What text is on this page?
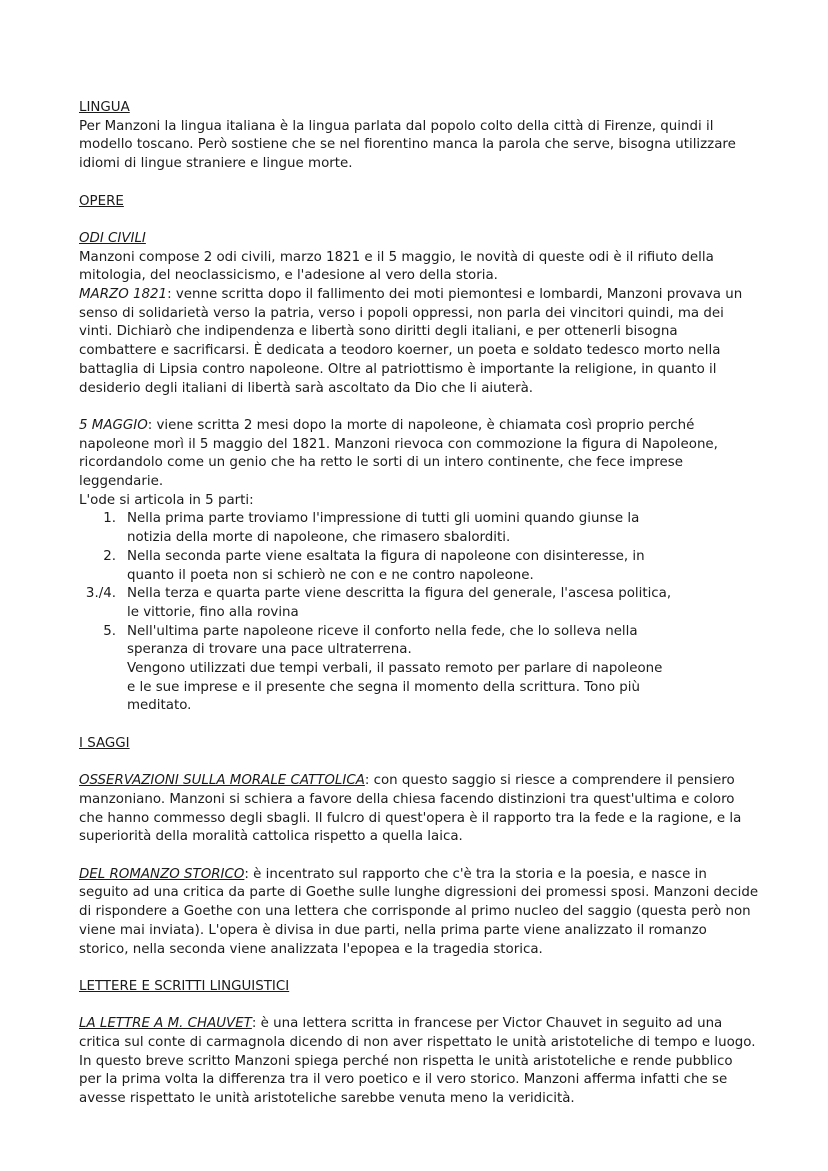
LINGUA

Per Manzoni la lingua italiana è la lingua parlata dal popolo colto della città di Firenze, quindi il modello toscano. Però sostiene che se nel fiorentino manca la parola che serve, bisogna utilizzare idiomi di lingue straniere e lingue morte.

OPERE

ODI CIVILI

Manzoni compose 2 odi civili, marzo 1821 e il 5 maggio, le novità di queste odi è il rifiuto della mitologia, del neoclassicismo, e l'adesione al vero della storia.

MARZO 1821: venne scritta dopo il fallimento dei moti piemontesi e lombardi, Manzoni provava un senso di solidarietà verso la patria, verso i popoli oppressi, non parla dei vincitori quindi, ma dei vinti. Dichiarò che indipendenza e libertà sono diritti degli italiani, e per ottenerli bisogna combattere e sacrificarsi. È dedicata a teodoro koerner, un poeta e soldato tedesco morto nella battaglia di Lipsia contro napoleone. Oltre al patriottismo è importante la religione, in quanto il desiderio degli italiani di libertà sarà ascoltato da Dio che li aiuterà.

5 MAGGIO: viene scritta 2 mesi dopo la morte di napoleone, è chiamata così proprio perché napoleone morì il 5 maggio del 1821. Manzoni rievoca con commozione la figura di Napoleone, ricordandolo come un genio che ha retto le sorti di un intero continente, che fece imprese leggendarie.

L'ode si articola in 5 parti:

1. Nella prima parte troviamo l'impressione di tutti gli uomini quando giunse la notizia della morte di napoleone, che rimasero sbalorditi.
2. Nella seconda parte viene esaltata la figura di napoleone con disinteresse, in quanto il poeta non si schierò ne con e ne contro napoleone.
3./4. Nella terza e quarta parte viene descritta la figura del generale, l'ascesa politica, le vittorie, fino alla rovina
5. Nell'ultima parte napoleone riceve il conforto nella fede, che lo solleva nella speranza di trovare una pace ultraterrena.

Vengono utilizzati due tempi verbali, il passato remoto per parlare di napoleone e le sue imprese e il presente che segna il momento della scrittura. Tono più meditato.

I SAGGI

OSSERVAZIONI SULLA MORALE CATTOLICA: con questo saggio si riesce a comprendere il pensiero manzoniano. Manzoni si schiera a favore della chiesa facendo distinzioni tra quest'ultima e coloro che hanno commesso degli sbagli. Il fulcro di quest'opera è il rapporto tra la fede e la ragione, e la superiorità della moralità cattolica rispetto a quella laica.

DEL ROMANZO STORICO: è incentrato sul rapporto che c'è tra la storia e la poesia, e nasce in seguito ad una critica da parte di Goethe sulle lunghe digressioni dei promessi sposi. Manzoni decide di rispondere a Goethe con una lettera che corrisponde al primo nucleo del saggio (questa però non viene mai inviata). L'opera è divisa in due parti, nella prima parte viene analizzato il romanzo storico, nella seconda viene analizzata l'epopea e la tragedia storica.

LETTERE E SCRITTI LINGUISTICI

LA LETTRE A M. CHAUVET: è una lettera scritta in francese per Victor Chauvet in seguito ad una critica sul conte di carmagnola dicendo di non aver rispettato le unità aristoteliche di tempo e luogo. In questo breve scritto Manzoni spiega perché non rispetta le unità aristoteliche e rende pubblico per la prima volta la differenza tra il vero poetico e il vero storico. Manzoni afferma infatti che se avesse rispettato le unità aristoteliche sarebbe venuta meno la veridicità.
